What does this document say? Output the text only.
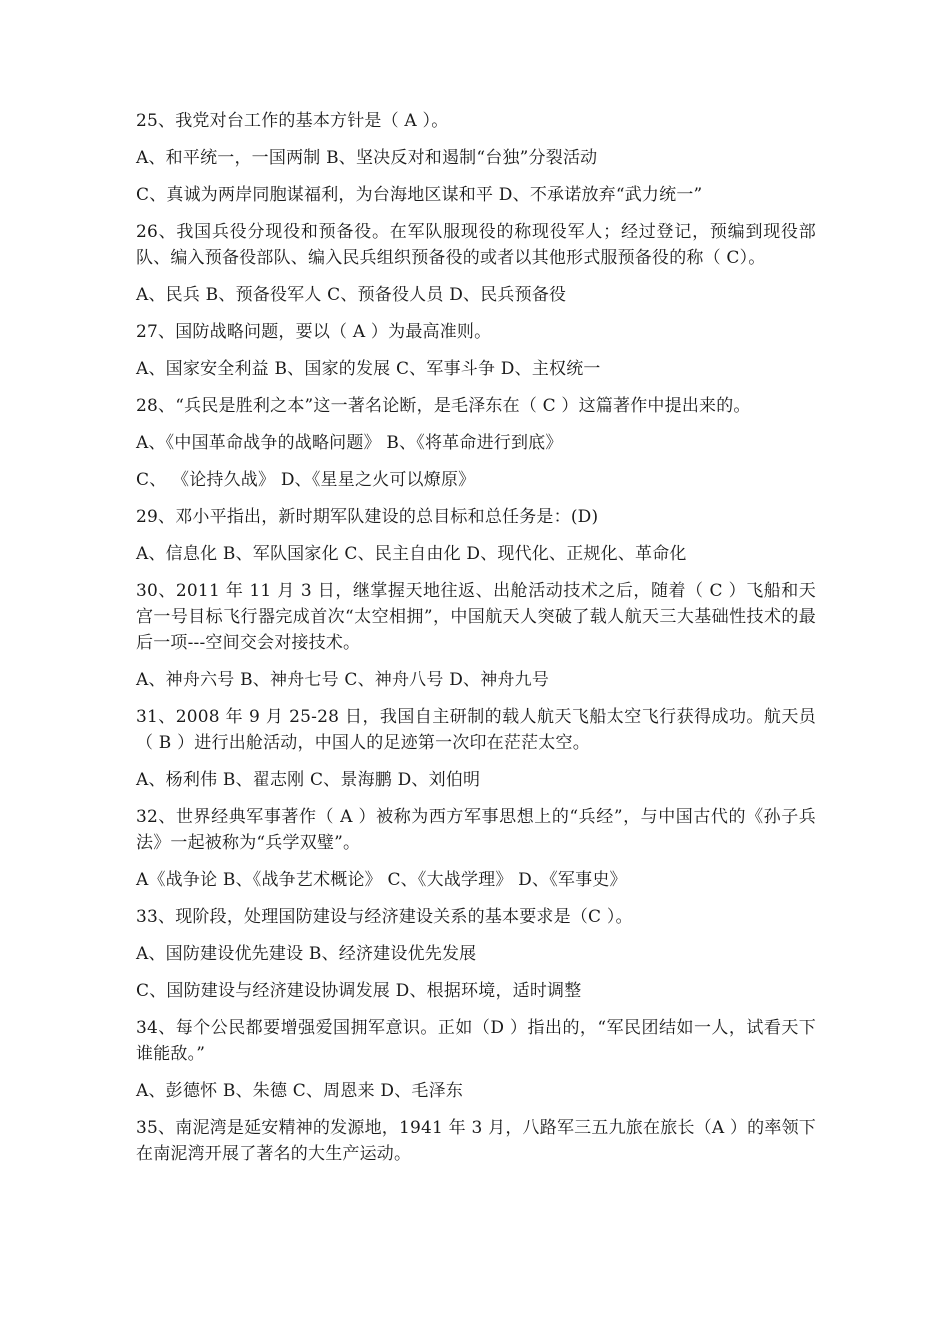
25、我党对台工作的基本方针是（ A ）。
A、和平统一，一国两制 B、坚决反对和遏制“台独”分裂活动
C、真诚为两岸同胞谋福利，为台海地区谋和平 D、不承诺放弃“武力统一”
26、我国兵役分现役和预备役。在军队服现役的称现役军人；经过登记，预编到现役部队、编入预备役部队、编入民兵组织预备役的或者以其他形式服预备役的称（ C）。
A、民兵 B、预备役军人 C、预备役人员 D、民兵预备役
27、国防战略问题，要以（ A ）为最高准则。
A、国家安全利益 B、国家的发展 C、军事斗争 D、主权统一
28、“兵民是胜利之本”这一著名论断，是毛泽东在（ C ）这篇著作中提出来的。
A、《中国革命战争的战略问题》 B、《将革命进行到底》
C、 《论持久战》 D、《星星之火可以燎原》
29、邓小平指出，新时期军队建设的总目标和总任务是：(D)
A、信息化 B、军队国家化 C、民主自由化 D、现代化、正规化、革命化
30、2011 年 11 月 3 日，继掌握天地往返、出舱活动技术之后，随着（ C ）飞船和天宫一号目标飞行器完成首次“太空相拥”，中国航天人突破了载人航天三大基础性技术的最后一项---空间交会对接技术。
A、神舟六号 B、神舟七号 C、神舟八号 D、神舟九号
31、2008 年 9 月 25-28 日，我国自主研制的载人航天飞船太空飞行获得成功。航天员（ B ）进行出舱活动，中国人的足迹第一次印在茫茫太空。
A、杨利伟 B、翟志刚 C、景海鹏 D、刘伯明
32、世界经典军事著作（ A ）被称为西方军事思想上的“兵经”，与中国古代的《孙子兵法》一起被称为“兵学双璧”。
A《战争论 B、《战争艺术概论》 C、《大战学理》 D、《军事史》
33、现阶段，处理国防建设与经济建设关系的基本要求是（C ）。
A、国防建设优先建设 B、经济建设优先发展
C、国防建设与经济建设协调发展 D、根据环境，适时调整
34、每个公民都要增强爱国拥军意识。正如（D ）指出的，“军民团结如一人，试看天下谁能敌。”
A、彭德怀 B、朱德 C、周恩来 D、毛泽东
35、南泥湾是延安精神的发源地，1941 年 3 月，八路军三五九旅在旅长（A ）的率领下在南泥湾开展了著名的大生产运动。
